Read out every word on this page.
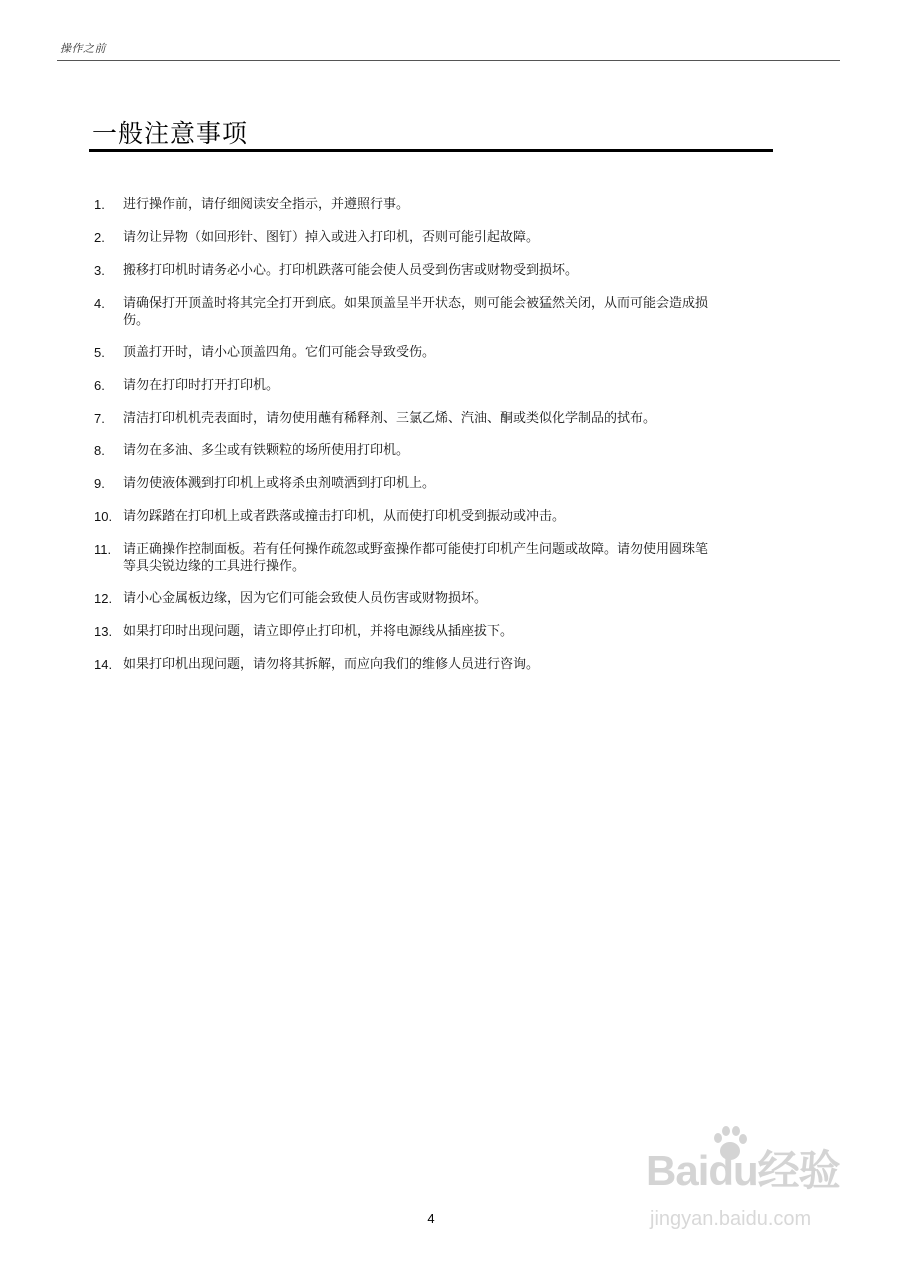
操作之前
一般注意事项
1. 进行操作前，请仔细阅读安全指示，并遵照行事。
2. 请勿让异物（如回形针、图钉）掉入或进入打印机，否则可能引起故障。
3. 搬移打印机时请务必小心。打印机跌落可能会使人员受到伤害或财物受到损坏。
4. 请确保打开顶盖时将其完全打开到底。如果顶盖呈半开状态，则可能会被猛然关闭，从而可能会造成损伤。
5. 顶盖打开时，请小心顶盖四角。它们可能会导致受伤。
6. 请勿在打印时打开打印机。
7. 清洁打印机机壳表面时，请勿使用蘸有稀释剂、三氯乙烯、汽油、酮或类似化学制品的拭布。
8. 请勿在多油、多尘或有铁颗粒的场所使用打印机。
9. 请勿使液体溅到打印机上或将杀虫剂喷洒到打印机上。
10. 请勿踩踏在打印机上或者跌落或撞击打印机，从而使打印机受到振动或冲击。
11. 请正确操作控制面板。若有任何操作疏忽或野蛮操作都可能使打印机产生问题或故障。请勿使用圆珠笔等具尖锐边缘的工具进行操作。
12. 请小心金属板边缘，因为它们可能会致使人员伤害或财物损坏。
13. 如果打印时出现问题，请立即停止打印机，并将电源线从插座拔下。
14. 如果打印机出现问题，请勿将其拆解，而应向我们的维修人员进行咨询。
4
Baidu经验
jingyan.baidu.com
